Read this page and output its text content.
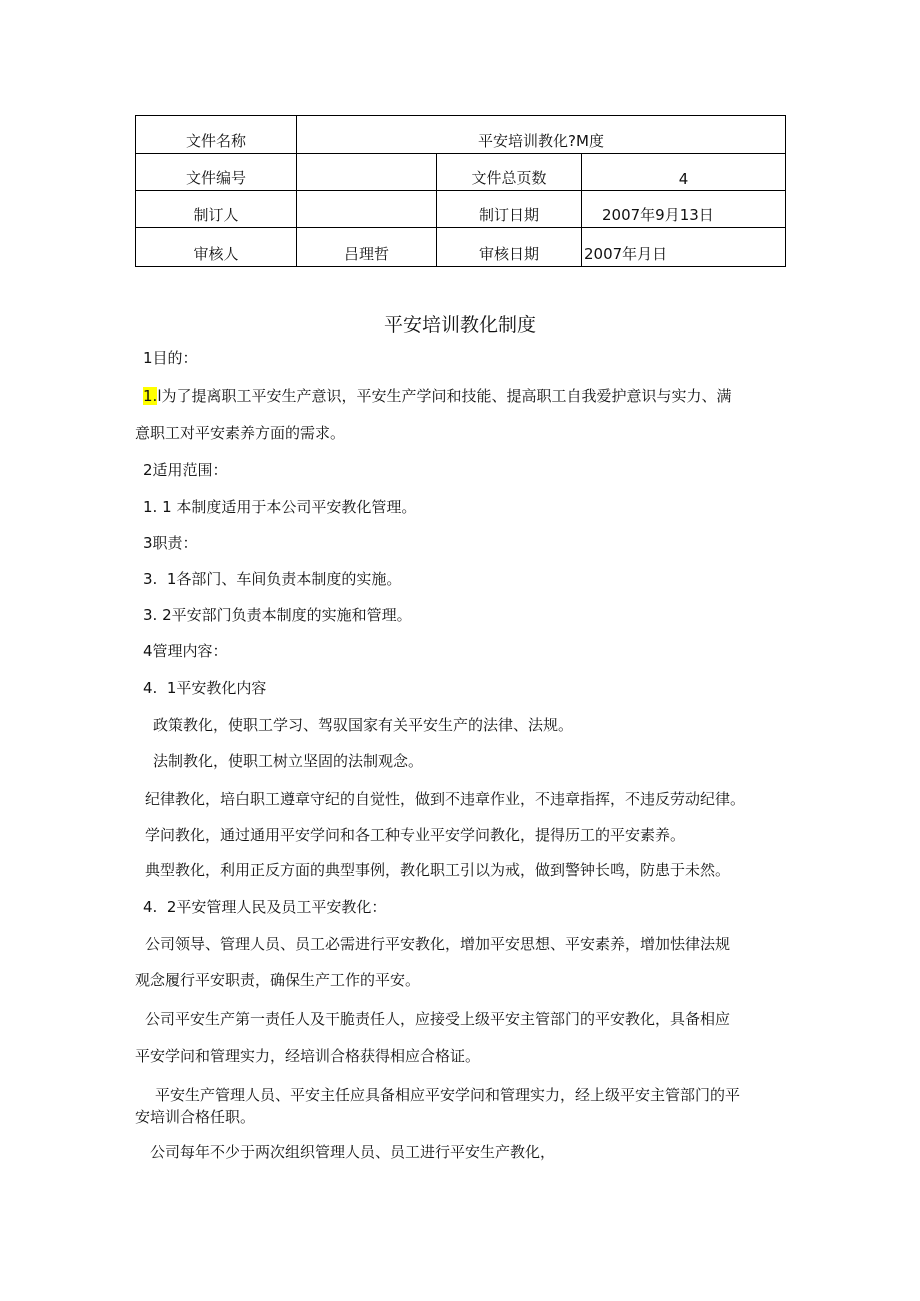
文件名称	平安培训教化?M度		
文件编号		文件总页数	4
制订人		制订日期	2007年9月13日
审核人	吕理哲	审核日期	2007年月日
平安培训教化制度
1目的：
1.l为了提离职工平安生产意识，平安生产学问和技能、提高职工自我爱护意识与实力、满
意职工对平安素养方面的需求。
2适用范围：
1. 1 本制度适用于本公司平安教化管理。
3职责：
3.  1各部门、车间负责本制度的实施。
3. 2平安部门负责本制度的实施和管理。
4管理内容：
4.  1平安教化内容
政策教化，使职工学习、驾驭国家有关平安生产的法律、法规。
法制教化，使职工树立坚固的法制观念。
纪律教化，培白职工遵章守纪的自觉性，做到不违章作业，不违章指挥，不违反劳动纪律。
学问教化，通过通用平安学问和各工种专业平安学问教化，提得历工的平安素养。
典型教化，利用正反方面的典型事例，教化职工引以为戒，做到警钟长鸣，防患于未然。
4.  2平安管理人民及员工平安教化：
公司领导、管理人员、员工必需进行平安教化，增加平安思想、平安素养，增加怯律法规
观念履行平安职责，确保生产工作的平安。
公司平安生产第一责任人及干脆责任人，应接受上级平安主管部门的平安教化，具备相应
平安学问和管理实力，经培训合格获得相应合格证。
平安生产管理人员、平安主任应具备相应平安学问和管理实力，经上级平安主管部门的平
安培训合格任职。
公司每年不少于两次组织管理人员、员工进行平安生产教化，
